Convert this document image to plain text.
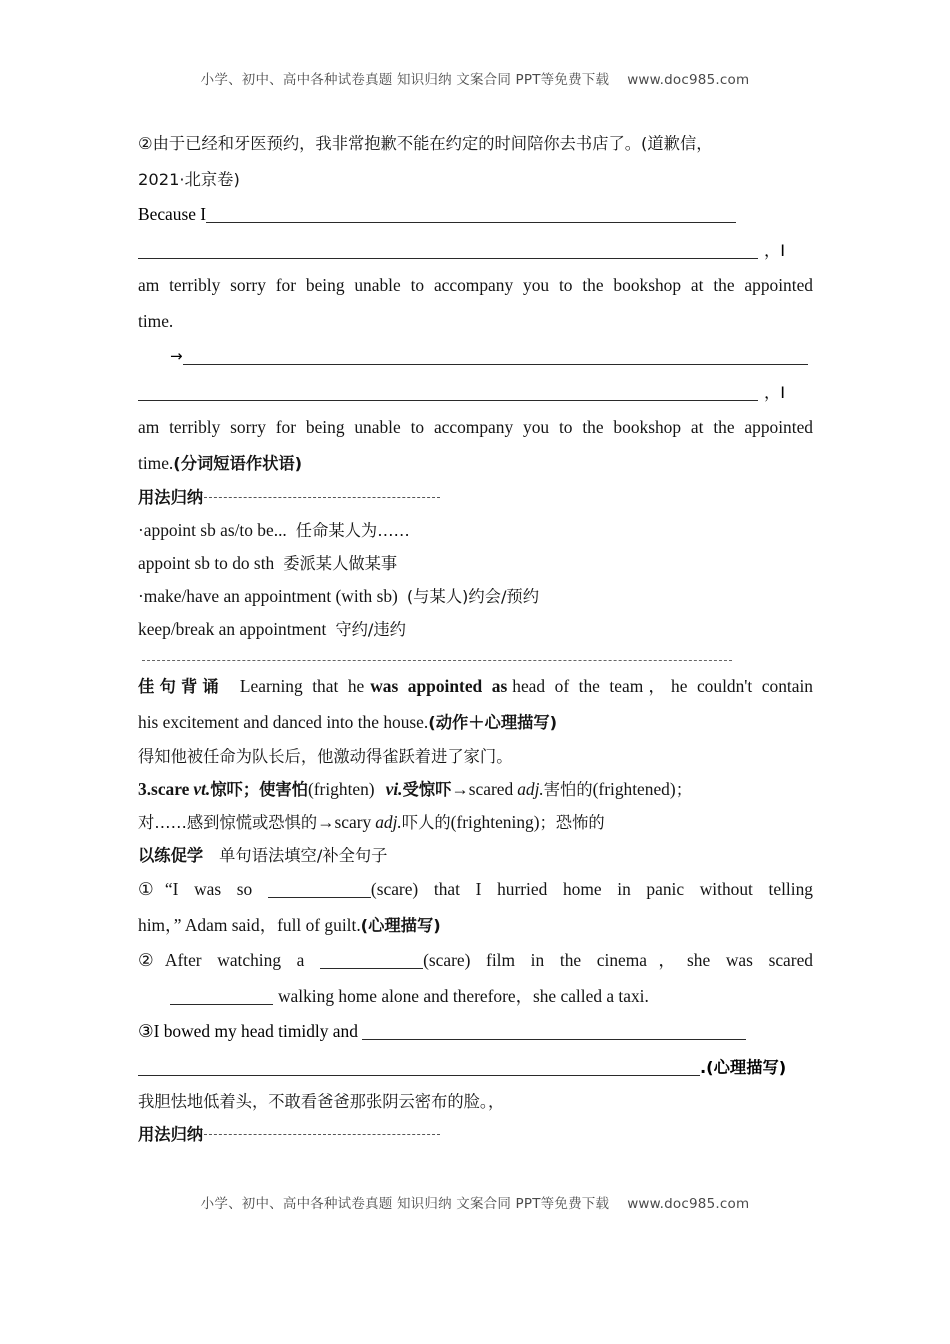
小学、初中、高中各种试卷真题 知识归纳 文案合同 PPT等免费下载 www.doc985.com
②由于已经和牙医预约，我非常抱歉不能在约定的时间陪你去书店了。(道歉信，
2021·北京卷)
Because I
，I
am terribly sorry for being unable to accompany you to the bookshop at the appointed
time.
→
，I
am terribly sorry for being unable to accompany you to the bookshop at the appointed
time.(分词短语作状语)
用法归纳
·appoint sb as/to be... 任命某人为……
appoint sb to do sth 委派某人做某事
·make/have an appointment (with sb) (与某人)约会/预约
keep/break an appointment 守约/违约
佳句背诵 Learning that he was appointed as head of the team，he couldn't contain
his excitement and danced into the house.(动作＋心理描写)
得知他被任命为队长后，他激动得雀跃着进了家门。
3.scare vt.惊吓；使害怕(frighten) vi.受惊吓→scared adj.害怕的(frightened)；
对……感到惊慌或恐惧的→scary adj.吓人的(frightening)；恐怖的
以练促学 单句语法填空/补全句子
①“I was so	(scare) that I hurried home in panic without telling
him，” Adam said，full of guilt.(心理描写)
②After watching a	(scare) film in the cinema，she was scared
walking home alone and therefore，she called a taxi.
③I bowed my head timidly and
.(心理描写)
我胆怯地低着头，不敢看爸爸那张阴云密布的脸。，
用法归纳
小学、初中、高中各种试卷真题 知识归纳 文案合同 PPT等免费下载 www.doc985.com
